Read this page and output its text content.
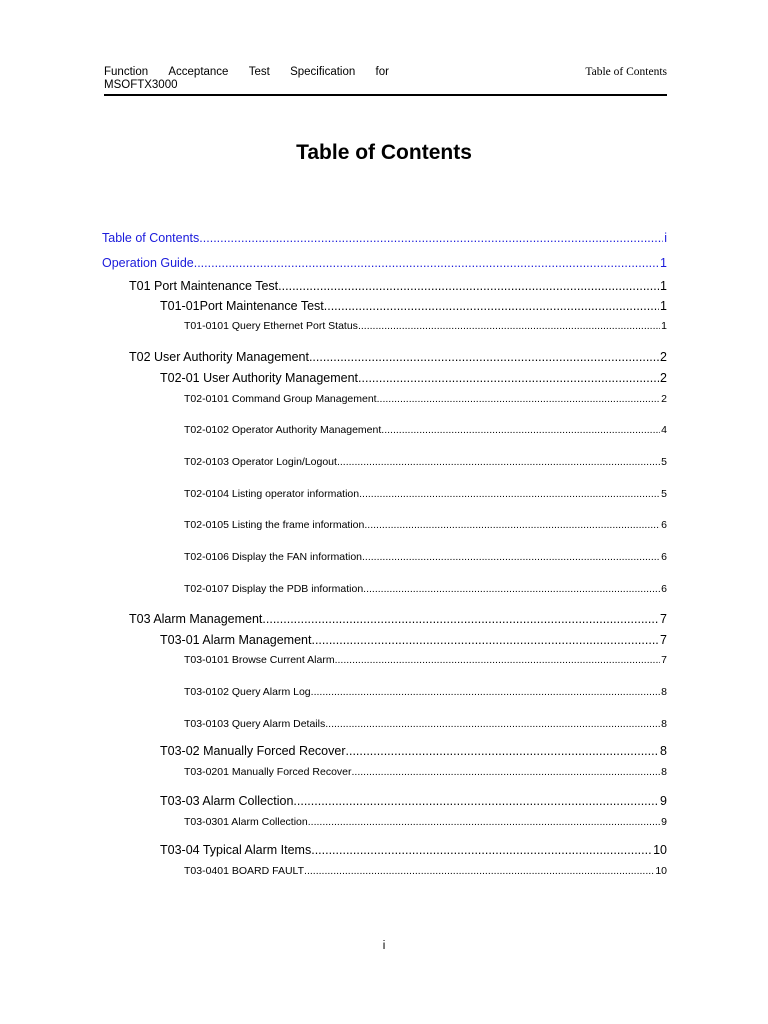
Function Acceptance Test Specification for
MSOFTX3000
Table of Contents
Table of Contents
Table of Contents .....	i
Operation Guide .....	1
T01 Port Maintenance Test .....	1
T01-01Port Maintenance Test .....	1
T01-0101 Query Ethernet Port Status .....	1
T02 User Authority Management .....	2
T02-01 User Authority Management .....	2
T02-0101 Command Group Management .....	2
T02-0102 Operator Authority Management .....	4
T02-0103 Operator Login/Logout .....	5
T02-0104 Listing operator information .....	5
T02-0105 Listing the frame information .....	6
T02-0106 Display the FAN information .....	6
T02-0107 Display the PDB information .....	6
T03 Alarm Management .....	7
T03-01 Alarm Management .....	7
T03-0101 Browse Current Alarm .....	7
T03-0102 Query Alarm Log .....	8
T03-0103 Query Alarm Details .....	8
T03-02 Manually Forced Recover .....	8
T03-0201 Manually Forced Recover .....	8
T03-03 Alarm Collection .....	9
T03-0301 Alarm Collection .....	9
T03-04 Typical Alarm Items .....	10
T03-0401 BOARD FAULT .....	10
i
